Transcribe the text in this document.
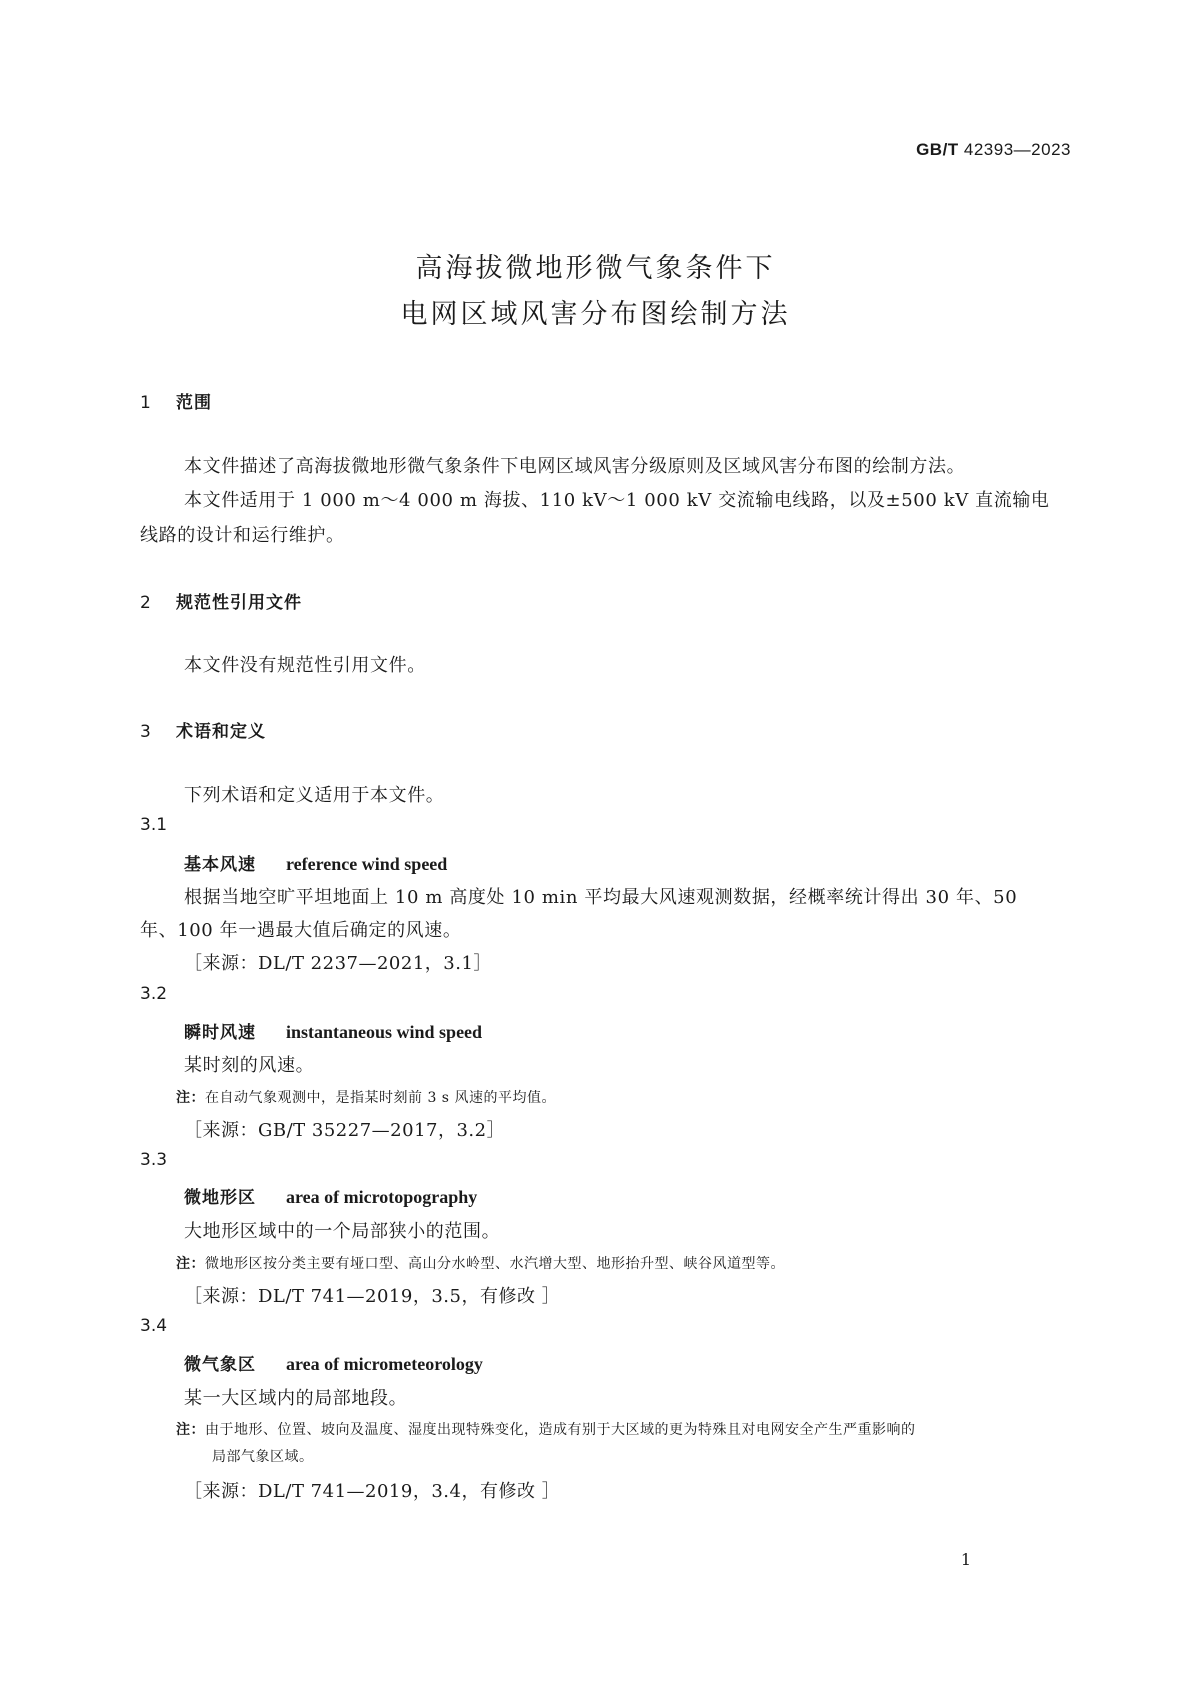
GB/T 42393—2023
高海拔微地形微气象条件下
电网区域风害分布图绘制方法
1 范围
本文件描述了高海拔微地形微气象条件下电网区域风害分级原则及区域风害分布图的绘制方法。
本文件适用于 1 000 m～4 000 m 海拔、110 kV～1 000 kV 交流输电线路，以及±500 kV 直流输电
线路的设计和运行维护。
2 规范性引用文件
本文件没有规范性引用文件。
3 术语和定义
下列术语和定义适用于本文件。
3.1
基本风速 reference wind speed
根据当地空旷平坦地面上 10 m 高度处 10 min 平均最大风速观测数据，经概率统计得出 30 年、50
年、100 年一遇最大值后确定的风速。
［来源：DL/T 2237—2021，3.1］
3.2
瞬时风速 instantaneous wind speed
某时刻的风速。
注：在自动气象观测中，是指某时刻前 3 s 风速的平均值。
［来源：GB/T 35227—2017，3.2］
3.3
微地形区 area of microtopography
大地形区域中的一个局部狭小的范围。
注：微地形区按分类主要有垭口型、高山分水岭型、水汽增大型、地形抬升型、峡谷风道型等。
［来源：DL/T 741—2019，3.5，有修改 ］
3.4
微气象区 area of micrometeorology
某一大区域内的局部地段。
注：由于地形、位置、坡向及温度、湿度出现特殊变化，造成有别于大区域的更为特殊且对电网安全产生严重影响的
局部气象区域。
［来源：DL/T 741—2019，3.4，有修改 ］
1
